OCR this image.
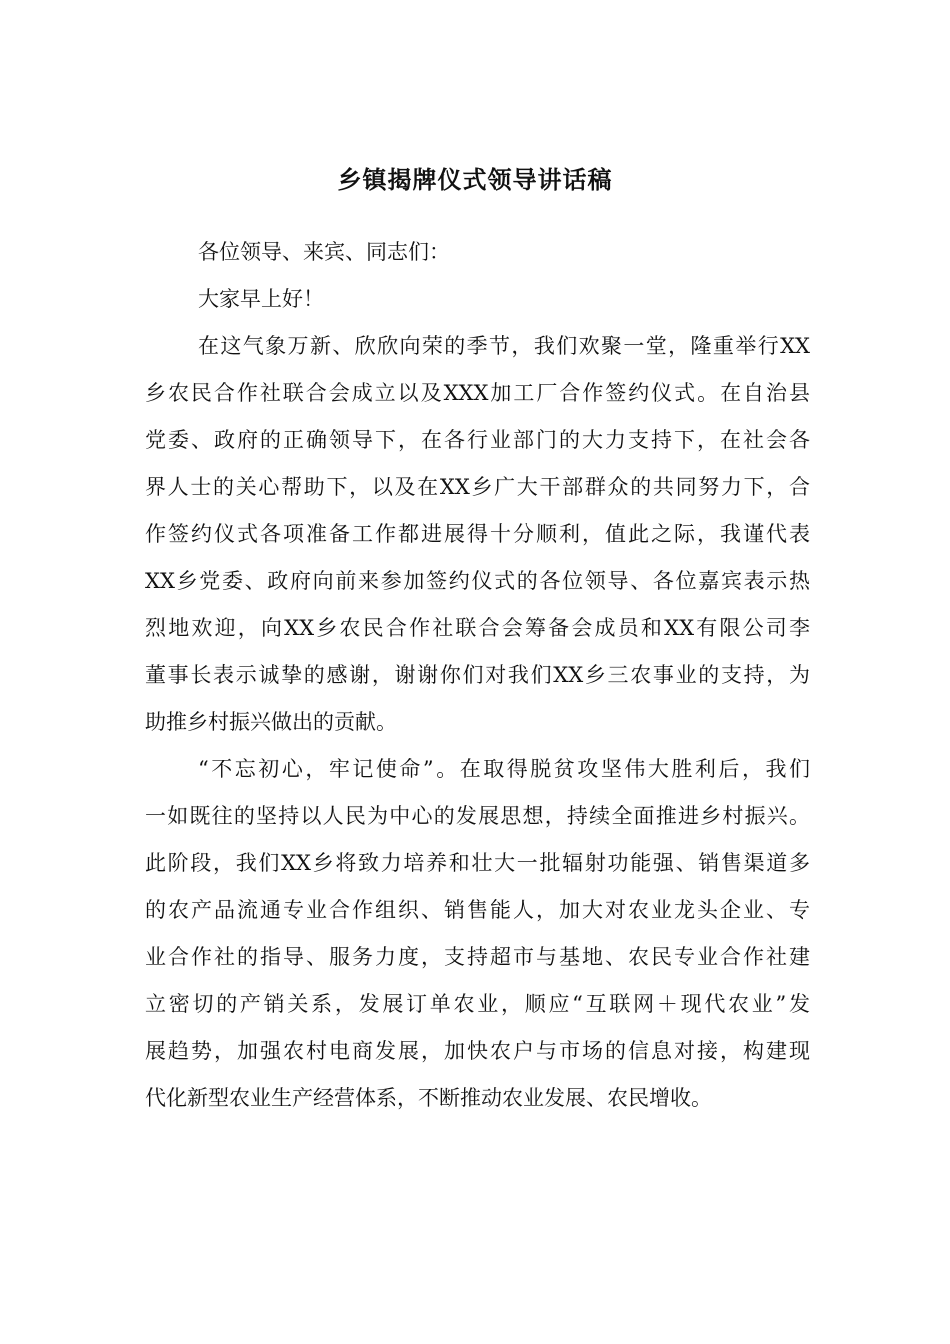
乡镇揭牌仪式领导讲话稿
各位领导、来宾、同志们：
大家早上好！
在这气象万新、欣欣向荣的季节，我们欢聚一堂，隆重举行XX
乡农民合作社联合会成立以及XXX加工厂合作签约仪式。在自治县
党委、政府的正确领导下，在各行业部门的大力支持下，在社会各
界人士的关心帮助下，以及在XX乡广大干部群众的共同努力下，合
作签约仪式各项准备工作都进展得十分顺利，值此之际，我谨代表
XX乡党委、政府向前来参加签约仪式的各位领导、各位嘉宾表示热
烈地欢迎，向XX乡农民合作社联合会筹备会成员和XX有限公司李
董事长表示诚挚的感谢，谢谢你们对我们XX乡三农事业的支持，为
助推乡村振兴做出的贡献。
“不忘初心，牢记使命”。在取得脱贫攻坚伟大胜利后，我们
一如既往的坚持以人民为中心的发展思想，持续全面推进乡村振兴。
此阶段，我们XX乡将致力培养和壮大一批辐射功能强、销售渠道多
的农产品流通专业合作组织、销售能人，加大对农业龙头企业、专
业合作社的指导、服务力度，支持超市与基地、农民专业合作社建
立密切的产销关系，发展订单农业，顺应“互联网＋现代农业”发
展趋势，加强农村电商发展，加快农户与市场的信息对接，构建现
代化新型农业生产经营体系，不断推动农业发展、农民增收。
